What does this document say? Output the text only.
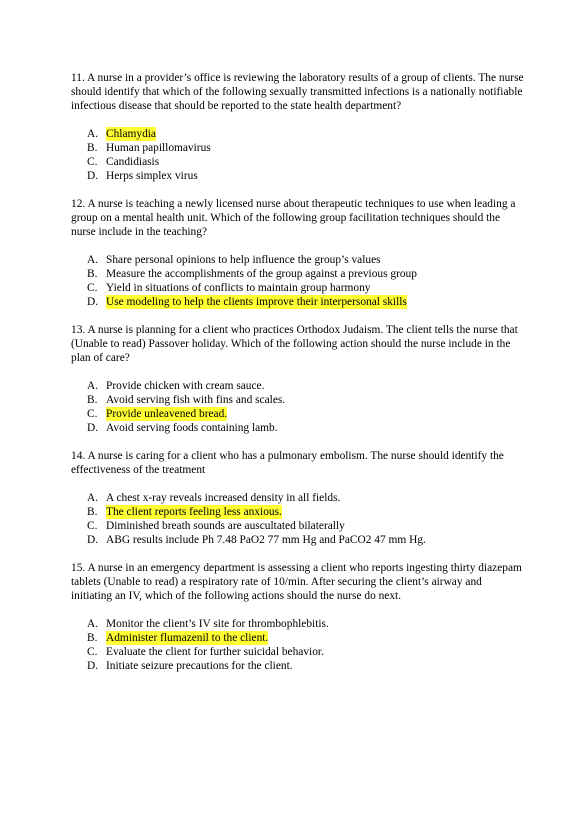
11. A nurse in a provider’s office is reviewing the laboratory results of a group of clients. The nurse should identify that which of the following sexually transmitted infections is a nationally notifiable infectious disease that should be reported to the state health department?

A. Chlamydia
B. Human papillomavirus
C. Candidiasis
D. Herps simplex virus

12. A nurse is teaching a newly licensed nurse about therapeutic techniques to use when leading a group on a mental health unit. Which of the following group facilitation techniques should the nurse include in the teaching?

A. Share personal opinions to help influence the group’s values
B. Measure the accomplishments of the group against a previous group
C. Yield in situations of conflicts to maintain group harmony
D. Use modeling to help the clients improve their interpersonal skills

13. A nurse is planning for a client who practices Orthodox Judaism. The client tells the nurse that (Unable to read) Passover holiday. Which of the following action should the nurse include in the plan of care?

A. Provide chicken with cream sauce.
B. Avoid serving fish with fins and scales.
C. Provide unleavened bread.
D. Avoid serving foods containing lamb.

14. A nurse is caring for a client who has a pulmonary embolism. The nurse should identify the effectiveness of the treatment

A. A chest x-ray reveals increased density in all fields.
B. The client reports feeling less anxious.
C. Diminished breath sounds are auscultated bilaterally
D. ABG results include Ph 7.48 PaO2 77 mm Hg and PaCO2 47 mm Hg.

15. A nurse in an emergency department is assessing a client who reports ingesting thirty diazepam tablets (Unable to read) a respiratory rate of 10/min. After securing the client’s airway and initiating an IV, which of the following actions should the nurse do next.

A. Monitor the client’s IV site for thrombophlebitis.
B. Administer flumazenil to the client.
C. Evaluate the client for further suicidal behavior.
D. Initiate seizure precautions for the client.
